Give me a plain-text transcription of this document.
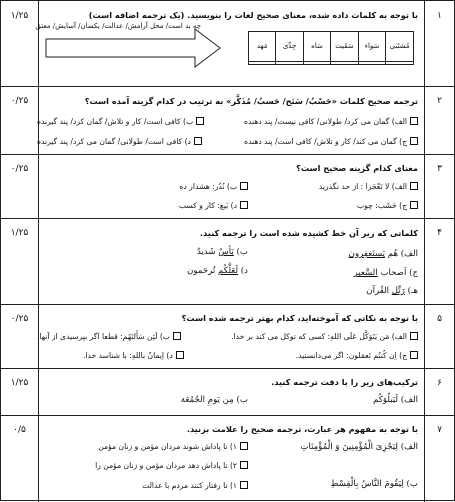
۱
۱/۲۵	با توجه به کلمات داده شده، معنای صحیح لغات را بنویسید. (یک ترجمه اضافه است)
مُشتَبَی	سَواء	سَقَیت	سَاه	جِدِّی	مَهد

چه بد است/ محل آرامش/ عدالت/ یکسان/ آسایش/ معتق
۲
۰/۲۵	ترجمه صحیح کلمات «حَسْبُ/ سَنَح/ حَسبُ/ مُذَکَّر» به ترتیب در کدام گزینه آمده است؟
الف) گمان می کرد/ طولانی/ کافی نیست/ پند دهنده
ب) کافی است/ کار و تلاش/ گمان کرد/ پند گیرنده
ج) گمان می کند/ کار و تلاش/ کافی است/ پند دهنده
د) کافی است/ طولانی/ گمان می کرد/ پند گیرنده
۳
۰/۲۵	معنای کدام گزینه صحیح است؟
الف) لا تَعْجَزا : از حد نگذرید
ب) نُذُر: هشدار ده
ج) خَشَب: چوب
د) بَیع: کار و کسب
۴
۱/۲۵	کلماتی که زیر آن خط کشیده شده است را ترجمه کنید.
الف) هُم یَستَغفِرون
ب) بَأسٌ شَدیدٌ
ج) اَصحاب السَّعیر
د) لَعَلَّکُم تُرحَمون
هـ) رَتِّل القُرآن
۵
۰/۲۵	با توجه به نکاتی که آموخته‌اید، کدام بهتر ترجمه شده است؟
الف) مَن یَتَوَکَّل عَلَی اللهِ: کسی که توکل می کند بر خدا.
ب) لَئِن سَأَلتَهُم: قطعا اگر بپرسیدی از آنها.
ج) اِن کُنتُم تَعمَلون: اگر می‌دانستید.
د) اِیمانٌ باللهِ: با شناسد خدا.
۶
۱/۲۵	ترکیب‌های زیر را با دقت ترجمه کنید.
الف) لَیَبلُوَکُم
ب) مِن یَومِ الجُمُعَة
۷
۰/۵	با توجه به مفهوم هر عبارت، ترجمه صحیح را علامت بزنید.
الف) لِیَجْزِیَ الْمُؤْمِنِینَ وَ الْمُؤْمِنَاتِ
۱) تا پاداش شوند مردان مؤمن و زنان مؤمن
۲) تا پاداش دهد مردان مؤمن و زنان مؤمن را
ب) لِیَقُومَ النَّاسُ بِالْقِسْطِ
۱) تا رفتار کنند مردم با عدالت
